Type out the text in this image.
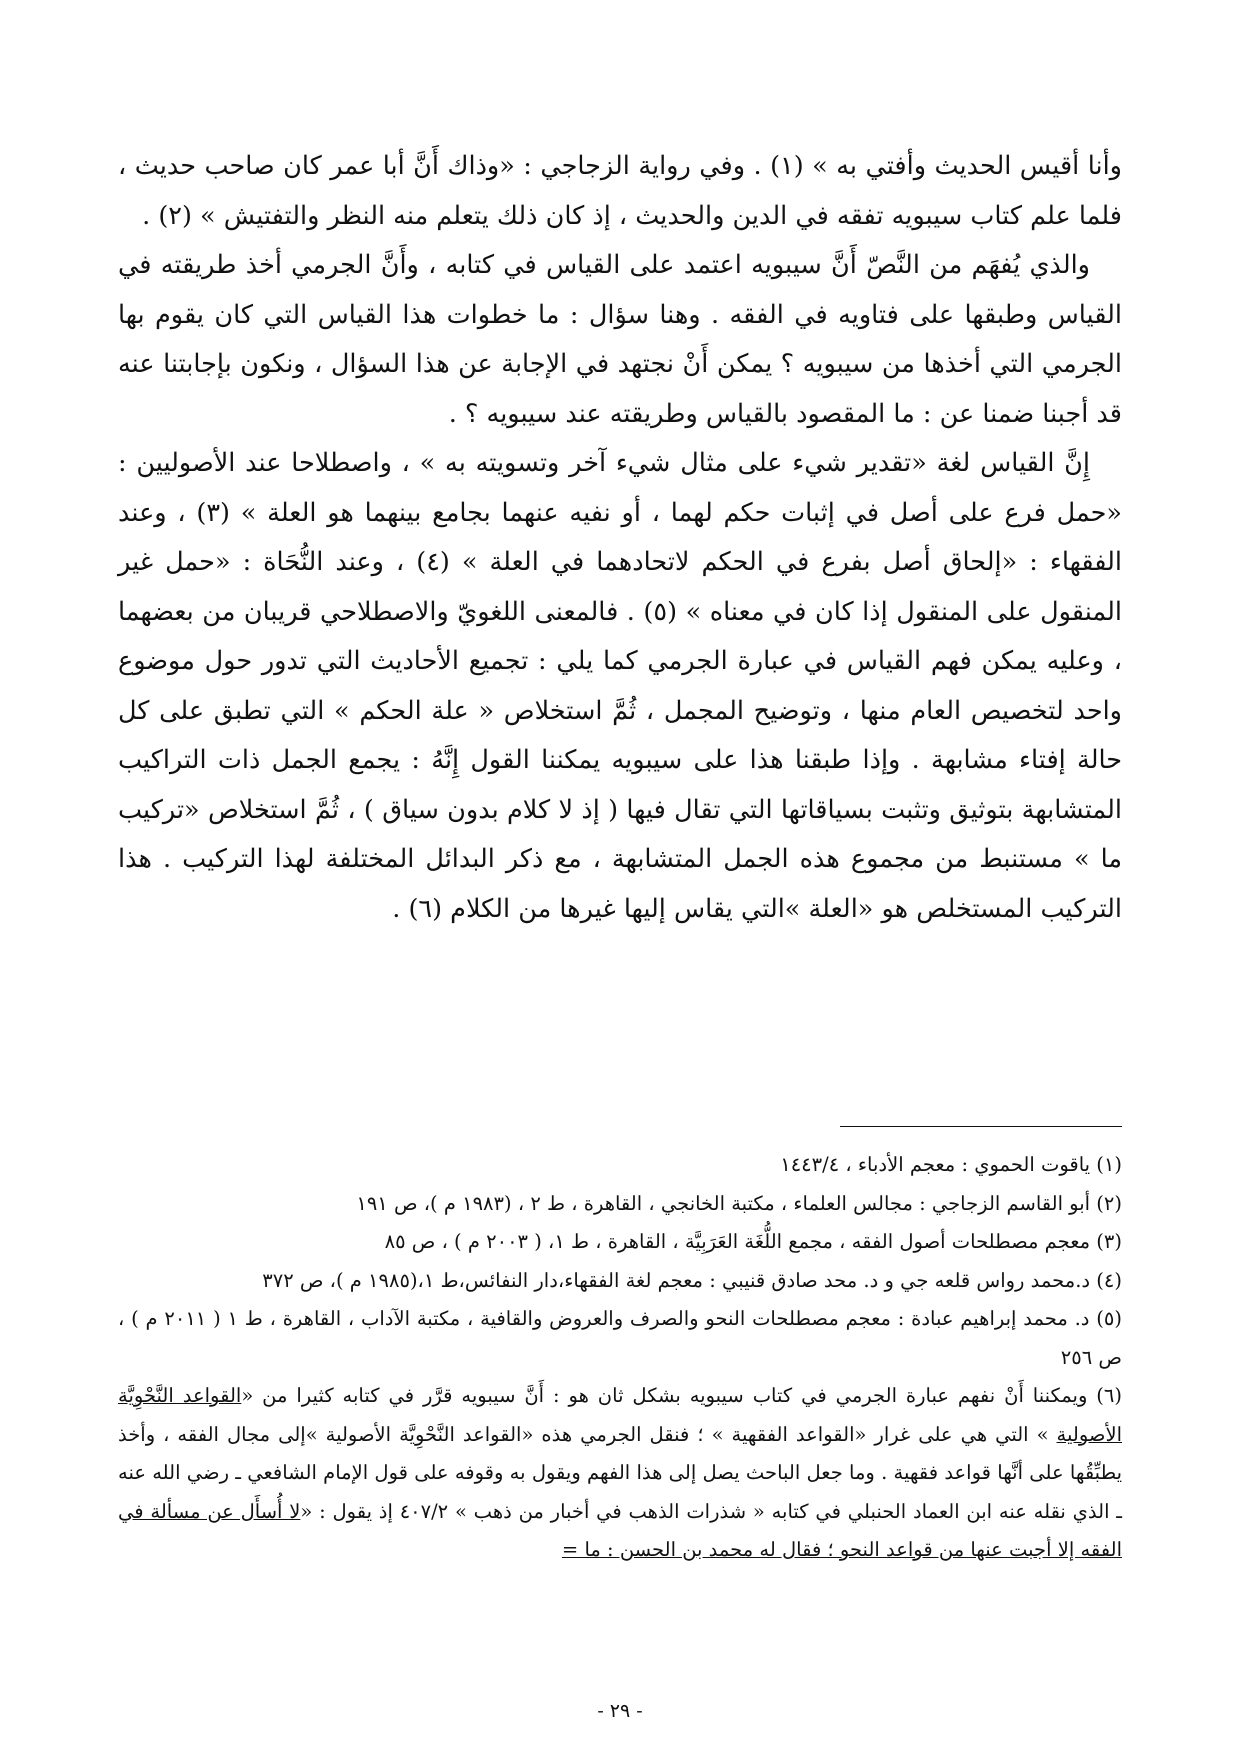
وأنا أقيس الحديث وأفتي به » (١) . وفي رواية الزجاجي : «وذاك أَنَّ أبا عمر كان صاحب حديث ، فلما علم كتاب سيبويه تفقه في الدين والحديث ، إذ كان ذلك يتعلم منه النظر والتفتيش » (٢) .

والذي يُفهَم من النَّصّ أَنَّ سيبويه اعتمد على القياس في كتابه ، وأَنَّ الجرمي أخذ طريقته في القياس وطبقها على فتاويه في الفقه . وهنا سؤال : ما خطوات هذا القياس التي كان يقوم بها الجرمي التي أخذها من سيبويه ؟ يمكن أَنْ نجتهد في الإجابة عن هذا السؤال ، ونكون بإجابتنا عنه قد أجبنا ضمنا عن : ما المقصود بالقياس وطريقته عند سيبويه ؟ .

إِنَّ القياس لغة «تقدير شيء على مثال شيء آخر وتسويته به » ، واصطلاحا عند الأصوليين : «حمل فرع على أصل في إثبات حكم لهما ، أو نفيه عنهما بجامع بينهما هو العلة » (٣) ، وعند الفقهاء : «إلحاق أصل بفرع في الحكم لاتحادهما في العلة » (٤) ، وعند النُّحَاة : «حمل غير المنقول على المنقول إذا كان في معناه » (٥) . فالمعنى اللغويّ والاصطلاحي قريبان من بعضهما ، وعليه يمكن فهم القياس في عبارة الجرمي كما يلي : تجميع الأحاديث التي تدور حول موضوع واحد لتخصيص العام منها ، وتوضيح المجمل ، ثُمَّ استخلاص « علة الحكم » التي تطبق على كل حالة إفتاء مشابهة . وإذا طبقنا هذا على سيبويه يمكننا القول إِنَّهُ : يجمع الجمل ذات التراكيب المتشابهة بتوثيق وتثبت بسياقاتها التي تقال فيها ( إذ لا كلام بدون سياق ) ، ثُمَّ استخلاص «تركيب ما » مستنبط من مجموع هذه الجمل المتشابهة ، مع ذكر البدائل المختلفة لهذا التركيب . هذا التركيب المستخلص هو «العلة »التي يقاس إليها غيرها من الكلام (٦) .

(١) ياقوت الحموي : معجم الأدباء ، ١٤٤٣/٤

(٢) أبو القاسم الزجاجي : مجالس العلماء ، مكتبة الخانجي ، القاهرة ، ط ٢ ، (١٩٨٣ م )، ص ١٩١

(٣) معجم مصطلحات أصول الفقه ، مجمع اللُّغَة العَرَبِيَّة ، القاهرة ، ط ١، ( ٢٠٠٣ م ) ، ص ٨٥

(٤) د.محمد رواس قلعه جي و د. محد صادق قنيبي : معجم لغة الفقهاء،دار النفائس،ط ١،(١٩٨٥ م )، ص ٣٧٢

(٥) د. محمد إبراهيم عبادة : معجم مصطلحات النحو والصرف والعروض والقافية ، مكتبة الآداب ، القاهرة ، ط ١ ( ٢٠١١ م ) ، ص ٢٥٦

(٦) ويمكننا أَنْ نفهم عبارة الجرمي في كتاب سيبويه بشكل ثان هو : أَنَّ سيبويه قرَّر في كتابه كثيرا من «القواعد النَّحْوِيَّة الأصولية » التي هي على غرار «القواعد الفقهية » ؛ فنقل الجرمي هذه «القواعد النَّحْوِيَّة الأصولية »إلى مجال الفقه ، وأخذ يطبِّقُها على أنَّها قواعد فقهية . وما جعل الباحث يصل إلى هذا الفهم ويقول به وقوفه على قول الإمام الشافعي ـ رضي الله عنه ـ الذي نقله عنه ابن العماد الحنبلي في كتابه « شذرات الذهب في أخبار من ذهب » ٤٠٧/٢ إذ يقول : «لا أُسأَل عن مسألة في الفقه إلا أجبت عنها من قواعد النحو ؛ فقال له محمد بن الحسن : ما =

- ٢٩ -
